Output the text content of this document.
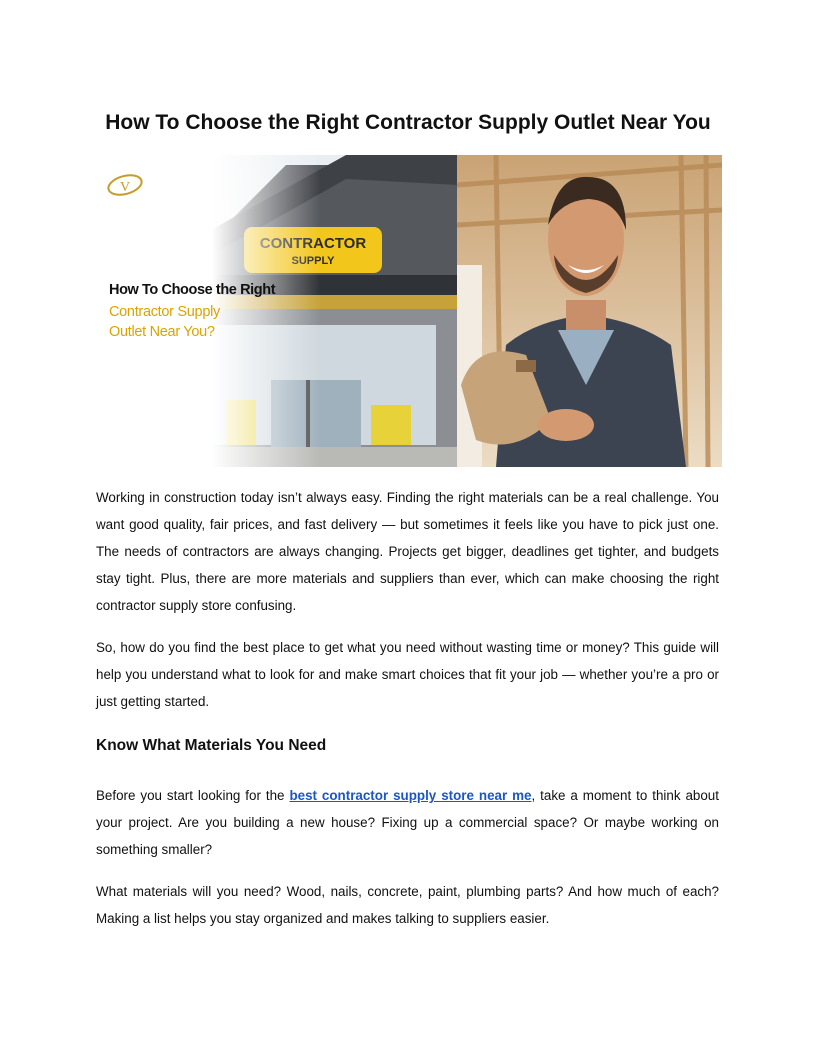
How To Choose the Right Contractor Supply Outlet Near You
V
How To Choose the Right
Contractor Supply
Outlet Near You?

Working in construction today isn’t always easy. Finding the right materials can be a real challenge. You want good quality, fair prices, and fast delivery — but sometimes it feels like you have to pick just one. The needs of contractors are always changing. Projects get bigger, deadlines get tighter, and budgets stay tight. Plus, there are more materials and suppliers than ever, which can make choosing the right contractor supply store confusing.

So, how do you find the best place to get what you need without wasting time or money? This guide will help you understand what to look for and make smart choices that fit your job — whether you’re a pro or just getting started.

Know What Materials You Need

Before you start looking for the best contractor supply store near me, take a moment to think about your project. Are you building a new house? Fixing up a commercial space? Or maybe working on something smaller?

What materials will you need? Wood, nails, concrete, paint, plumbing parts? And how much of each? Making a list helps you stay organized and makes talking to suppliers easier.
